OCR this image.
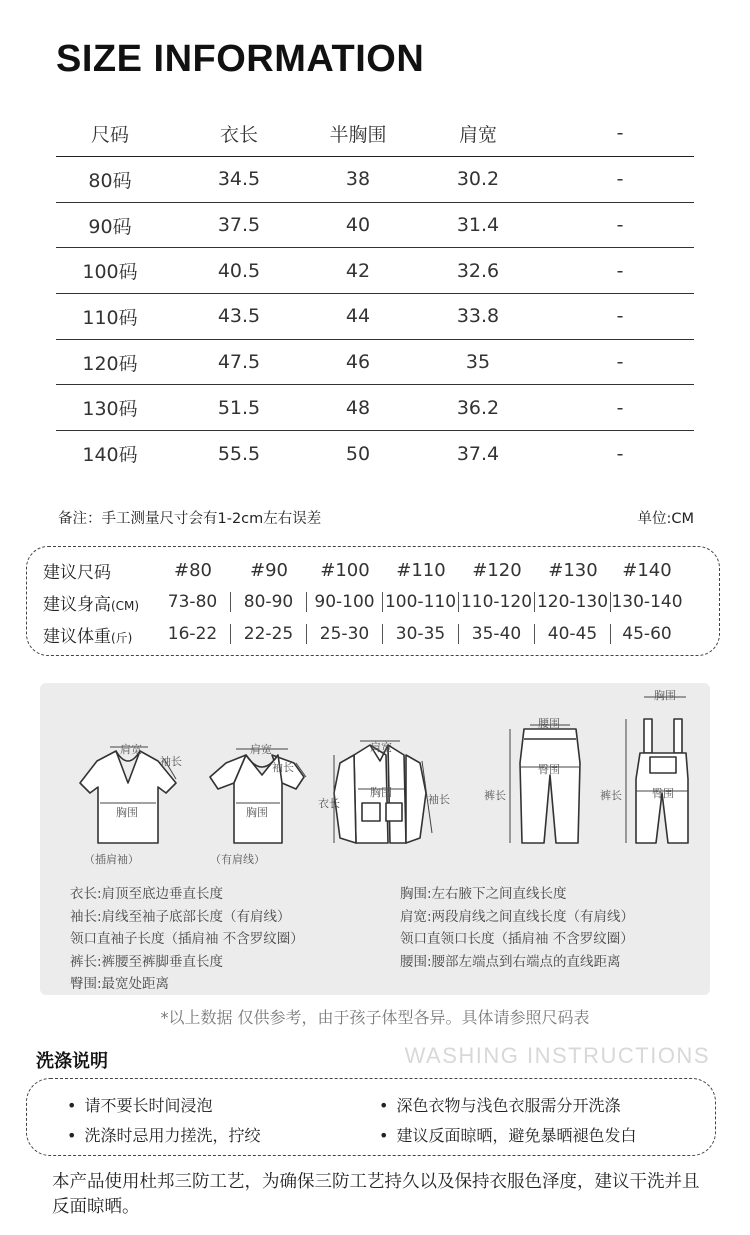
SIZE INFORMATION
尺码	衣长	半胸围	肩宽	-
80码	34.5	38	30.2	-
90码	37.5	40	31.4	-
100码	40.5	42	32.6	-
110码	43.5	44	33.8	-
120码	47.5	46	35	-
130码	51.5	48	36.2	-
140码	55.5	50	37.4	-
备注：手工测量尺寸会有1-2cm左右误差	单位:CM
建议尺码	#80	#90	#100	#110	#120	#130	#140
建议身高(CM)	73-80	80-90	90-100 100-110 110-120 120-130 130-140
建议体重(斤)	16-22	22-25	25-30	30-35	35-40	40-45	45-60
肩宽
袖长
胸围
（插肩袖）
肩宽
袖长
胸围
（有肩线）
肩宽
衣长
胸围
袖长
腰围
臀围
裤长
胸围
臀围
裤长
衣长:肩顶至底边垂直长度
袖长:肩线至袖子底部长度（有肩线）
领口直袖子长度（插肩袖 不含罗纹圈）
裤长:裤腰至裤脚垂直长度
臀围:最宽处距离
胸围:左右腋下之间直线长度
肩宽:两段肩线之间直线长度（有肩线）
领口直领口长度（插肩袖 不含罗纹圈）
腰围:腰部左端点到右端点的直线距离
*以上数据 仅供参考，由于孩子体型各异。具体请参照尺码表
洗涤说明	WASHING INSTRUCTIONS
• 请不要长时间浸泡	• 深色衣物与浅色衣服需分开洗涤
• 洗涤时忌用力搓洗，拧绞	• 建议反面晾晒，避免暴晒褪色发白
本产品使用杜邦三防工艺，为确保三防工艺持久以及保持衣服色泽度，建议干洗并且反面晾晒。
